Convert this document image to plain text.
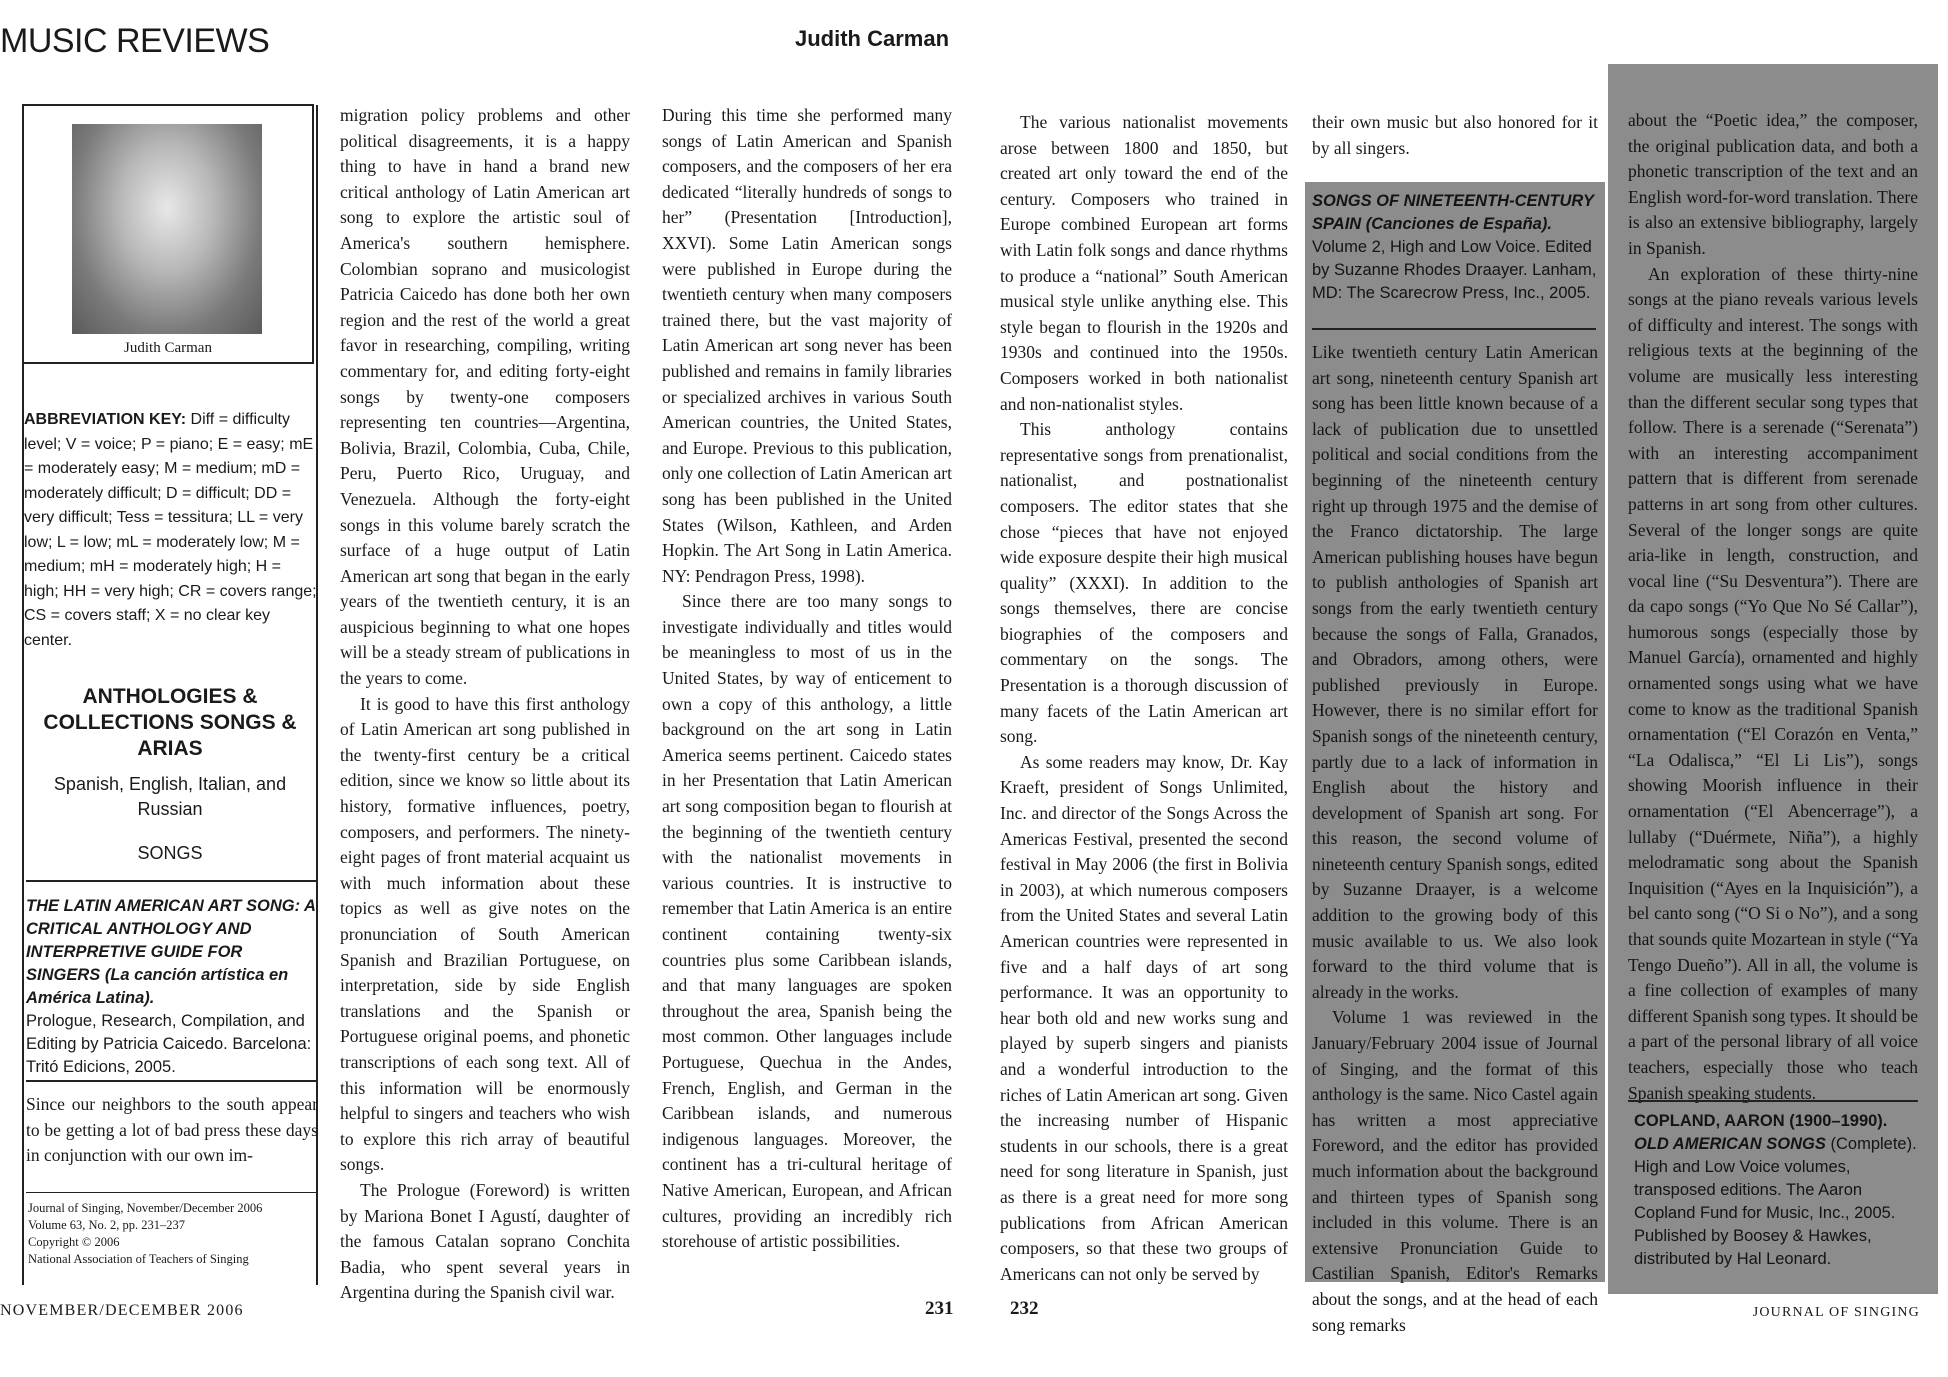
MUSIC REVIEWS	Judith Carman
Judith Carman
ABBREVIATION KEY: Diff = difficulty level; V = voice; P = piano; E = easy; mE = moderately easy; M = medium; mD = moderately difficult; D = difficult; DD = very difficult; Tess = tessitura; LL = very low; L = low; mL = moderately low; M = medium; mH = moderately high; H = high; HH = very high; CR = covers range; CS = covers staff; X = no clear key center.
ANTHOLOGIES & COLLECTIONS SONGS & ARIAS
Spanish, English, Italian, and Russian
SONGS
THE LATIN AMERICAN ART SONG: A CRITICAL ANTHOLOGY AND INTERPRETIVE GUIDE FOR SINGERS (La canción artística en América Latina).
Prologue, Research, Compilation, and Editing by Patricia Caicedo. Barcelona: Tritó Edicions, 2005.

Since our neighbors to the south appear to be getting a lot of bad press these days in conjunction with our own im-

Journal of Singing, November/December 2006
Volume 63, No. 2, pp. 231–237
Copyright © 2006
National Association of Teachers of Singing

migration policy problems and other political disagreements, it is a happy thing to have in hand a brand new critical anthology of Latin American art song to explore the artistic soul of America's southern hemisphere. Colombian soprano and musicologist Patricia Caicedo has done both her own region and the rest of the world a great favor in researching, compiling, writing commentary for, and editing forty-eight songs by twenty-one composers representing ten countries—Argentina, Bolivia, Brazil, Colombia, Cuba, Chile, Peru, Puerto Rico, Uruguay, and Venezuela. Although the forty-eight songs in this volume barely scratch the surface of a huge output of Latin American art song that began in the early years of the twentieth century, it is an auspicious beginning to what one hopes will be a steady stream of publications in the years to come.

It is good to have this first anthology of Latin American art song published in the twenty-first century be a critical edition, since we know so little about its history, formative influences, poetry, composers, and performers. The ninety-eight pages of front material acquaint us with much information about these topics as well as give notes on the pronunciation of South American Spanish and Brazilian Portuguese, on interpretation, side by side English translations and the Spanish or Portuguese original poems, and phonetic transcriptions of each song text. All of this information will be enormously helpful to singers and teachers who wish to explore this rich array of beautiful songs.

The Prologue (Foreword) is written by Mariona Bonet I Agustí, daughter of the famous Catalan soprano Conchita Badia, who spent several years in Argentina during the Spanish civil war.

During this time she performed many songs of Latin American and Spanish composers, and the composers of her era dedicated “literally hundreds of songs to her” (Presentation [Introduction], XXVI). Some Latin American songs were published in Europe during the twentieth century when many composers trained there, but the vast majority of Latin American art song never has been published and remains in family libraries or specialized archives in various South American countries, the United States, and Europe. Previous to this publication, only one collection of Latin American art song has been published in the United States (Wilson, Kathleen, and Arden Hopkin. The Art Song in Latin America. NY: Pendragon Press, 1998).

Since there are too many songs to investigate individually and titles would be meaningless to most of us in the United States, by way of enticement to own a copy of this anthology, a little background on the art song in Latin America seems pertinent. Caicedo states in her Presentation that Latin American art song composition began to flourish at the beginning of the twentieth century with the nationalist movements in various countries. It is instructive to remember that Latin America is an entire continent containing twenty-six countries plus some Caribbean islands, and that many languages are spoken throughout the area, Spanish being the most common. Other languages include Portuguese, Quechua in the Andes, French, English, and German in the Caribbean islands, and numerous indigenous languages. Moreover, the continent has a tri-cultural heritage of Native American, European, and African cultures, providing an incredibly rich storehouse of artistic possibilities.

The various nationalist movements arose between 1800 and 1850, but created art only toward the end of the century. Composers who trained in Europe combined European art forms with Latin folk songs and dance rhythms to produce a “national” South American musical style unlike anything else. This style began to flourish in the 1920s and 1930s and continued into the 1950s. Composers worked in both nationalist and non-nationalist styles.

This anthology contains representative songs from prenationalist, nationalist, and postnationalist composers. The editor states that she chose “pieces that have not enjoyed wide exposure despite their high musical quality” (XXXI). In addition to the songs themselves, there are concise biographies of the composers and commentary on the songs. The Presentation is a thorough discussion of many facets of the Latin American art song.

As some readers may know, Dr. Kay Kraeft, president of Songs Unlimited, Inc. and director of the Songs Across the Americas Festival, presented the second festival in May 2006 (the first in Bolivia in 2003), at which numerous composers from the United States and several Latin American countries were represented in five and a half days of art song performance. It was an opportunity to hear both old and new works sung and played by superb singers and pianists and a wonderful introduction to the riches of Latin American art song. Given the increasing number of Hispanic students in our schools, there is a great need for song literature in Spanish, just as there is a great need for more song publications from African American composers, so that these two groups of Americans can not only be served by

their own music but also honored for it by all singers.

SONGS OF NINETEENTH-CENTURY SPAIN (Canciones de España).
Volume 2, High and Low Voice. Edited by Suzanne Rhodes Draayer. Lanham, MD: The Scarecrow Press, Inc., 2005.

Like twentieth century Latin American art song, nineteenth century Spanish art song has been little known because of a lack of publication due to unsettled political and social conditions from the beginning of the nineteenth century right up through 1975 and the demise of the Franco dictatorship. The large American publishing houses have begun to publish anthologies of Spanish art songs from the early twentieth century because the songs of Falla, Granados, and Obradors, among others, were published previously in Europe. However, there is no similar effort for Spanish songs of the nineteenth century, partly due to a lack of information in English about the history and development of Spanish art song. For this reason, the second volume of nineteenth century Spanish songs, edited by Suzanne Draayer, is a welcome addition to the growing body of this music available to us. We also look forward to the third volume that is already in the works.

Volume 1 was reviewed in the January/February 2004 issue of Journal of Singing, and the format of this anthology is the same. Nico Castel again has written a most appreciative Foreword, and the editor has provided much information about the background and thirteen types of Spanish song included in this volume. There is an extensive Pronunciation Guide to Castilian Spanish, Editor's Remarks about the songs, and at the head of each song remarks

about the “Poetic idea,” the composer, the original publication data, and both a phonetic transcription of the text and an English word-for-word translation. There is also an extensive bibliography, largely in Spanish.

An exploration of these thirty-nine songs at the piano reveals various levels of difficulty and interest. The songs with religious texts at the beginning of the volume are musically less interesting than the different secular song types that follow. There is a serenade (“Serenata”) with an interesting accompaniment pattern that is different from serenade patterns in art song from other cultures. Several of the longer songs are quite aria-like in length, construction, and vocal line (“Su Desventura”). There are da capo songs (“Yo Que No Sé Callar”), humorous songs (especially those by Manuel García), ornamented and highly ornamented songs using what we have come to know as the traditional Spanish ornamentation (“El Corazón en Venta,” “La Odalisca,” “El Li Lis”), songs showing Moorish influence in their ornamentation (“El Abencerrage”), a lullaby (“Duérmete, Niña”), a highly melodramatic song about the Spanish Inquisition (“Ayes en la Inquisición”), a bel canto song (“O Si o No”), and a song that sounds quite Mozartean in style (“Ya Tengo Dueño”). All in all, the volume is a fine collection of examples of many different Spanish song types. It should be a part of the personal library of all voice teachers, especially those who teach Spanish speaking students.

COPLAND, AARON (1900–1990).
OLD AMERICAN SONGS (Complete).
High and Low Voice volumes, transposed editions. The Aaron Copland Fund for Music, Inc., 2005. Published by Boosey & Hawkes, distributed by Hal Leonard.
NOVEMBER/DECEMBER 2006	231	232	JOURNAL OF SINGING
